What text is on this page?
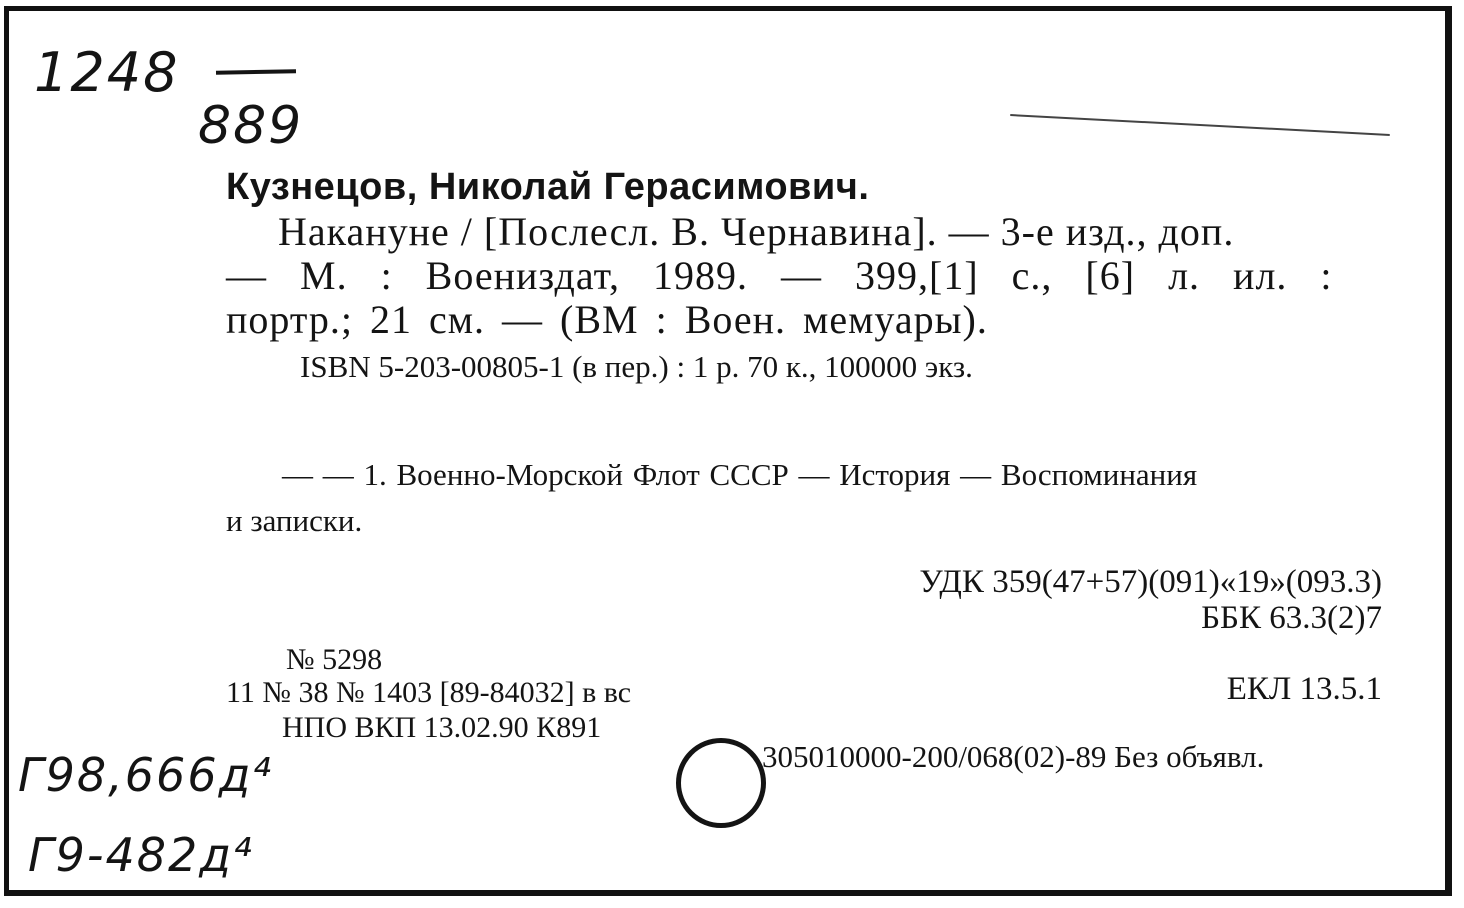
1248
889
Кузнецов, Николай Герасимович.
Накануне / [Послесл. В. Чернавина]. — 3-е изд., доп.
— М. : Воениздат, 1989. — 399,[1] с., [6] л. ил. :
портр.; 21 см. — (ВМ : Воен. мемуары).
ISBN 5-203-00805-1 (в пер.) : 1 р. 70 к., 100000 экз.
— — 1. Военно-Морской Флот СССР — История — Воспоминания
и записки.
УДК 359(47+57)(091)«19»(093.3)
ББК 63.3(2)7
№ 5298
11 № 38 № 1403 [89-84032] в вс
НПО ВКП 13.02.90 К891
ЕКЛ 13.5.1
305010000-200/068(02)-89 Без объявл.
Г98,666д⁴
Г9-482д⁴
